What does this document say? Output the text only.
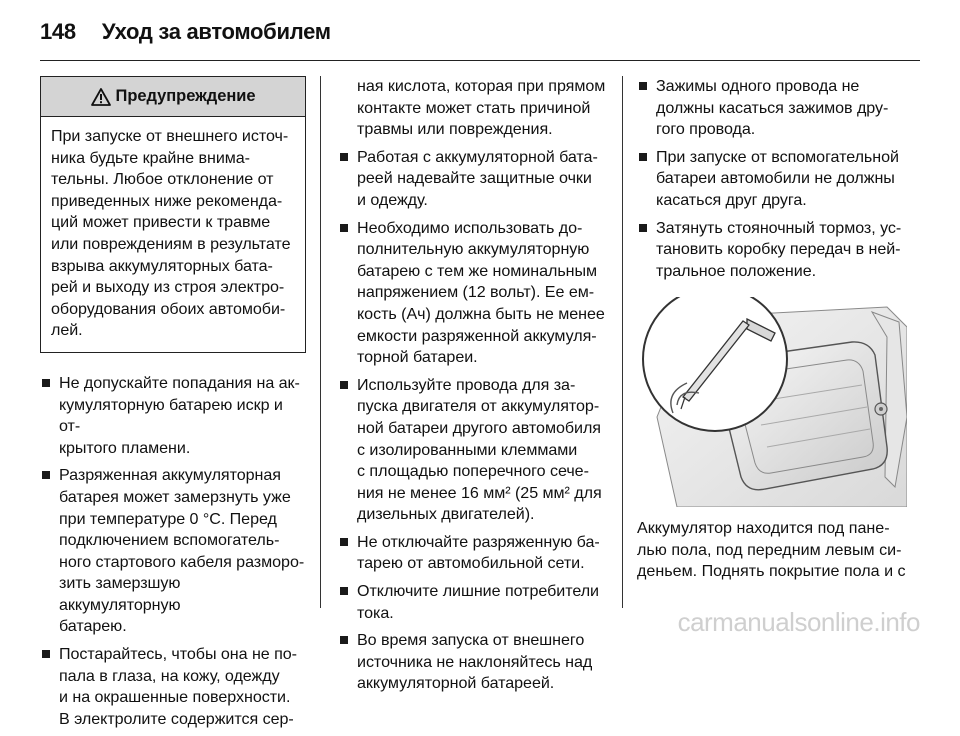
148 Уход за автомобилем
Предупреждение
При запуске от внешнего источ-
ника будьте крайне внима-
тельны. Любое отклонение от
приведенных ниже рекоменда-
ций может привести к травме
или повреждениям в результате
взрыва аккумуляторных бата-
рей и выходу из строя электро-
оборудования обоих автомоби-
лей.
Не допускайте попадания на ак-
кумуляторную батарею искр и от-
крытого пламени.
Разряженная аккумуляторная
батарея может замерзнуть уже
при температуре 0 °C. Перед
подключением вспомогатель-
ного стартового кабеля разморо-
зить замерзшую аккумуляторную
батарею.
Постарайтесь, чтобы она не по-
пала в глаза, на кожу, одежду
и на окрашенные поверхности.
В электролите содержится сер-
ная кислота, которая при прямом
контакте может стать причиной
травмы или повреждения.
Работая с аккумуляторной бата-
реей надевайте защитные очки
и одежду.
Необходимо использовать до-
полнительную аккумуляторную
батарею с тем же номинальным
напряжением (12 вольт). Ее ем-
кость (Ач) должна быть не менее
емкости разряженной аккумуля-
торной батареи.
Используйте провода для за-
пуска двигателя от аккумулятор-
ной батареи другого автомобиля
с изолированными клеммами
с площадью поперечного сече-
ния не менее 16 мм² (25 мм² для
дизельных двигателей).
Не отключайте разряженную ба-
тарею от автомобильной сети.
Отключите лишние потребители
тока.
Во время запуска от внешнего
источника не наклоняйтесь над
аккумуляторной батареей.
Зажимы одного провода не
должны касаться зажимов дру-
гого провода.
При запуске от вспомогательной
батареи автомобили не должны
касаться друг друга.
Затянуть стояночный тормоз, ус-
тановить коробку передач в ней-
тральное положение.
Аккумулятор находится под пане-
лью пола, под передним левым си-
деньем. Поднять покрытие пола и с
carmanualsonline.info
